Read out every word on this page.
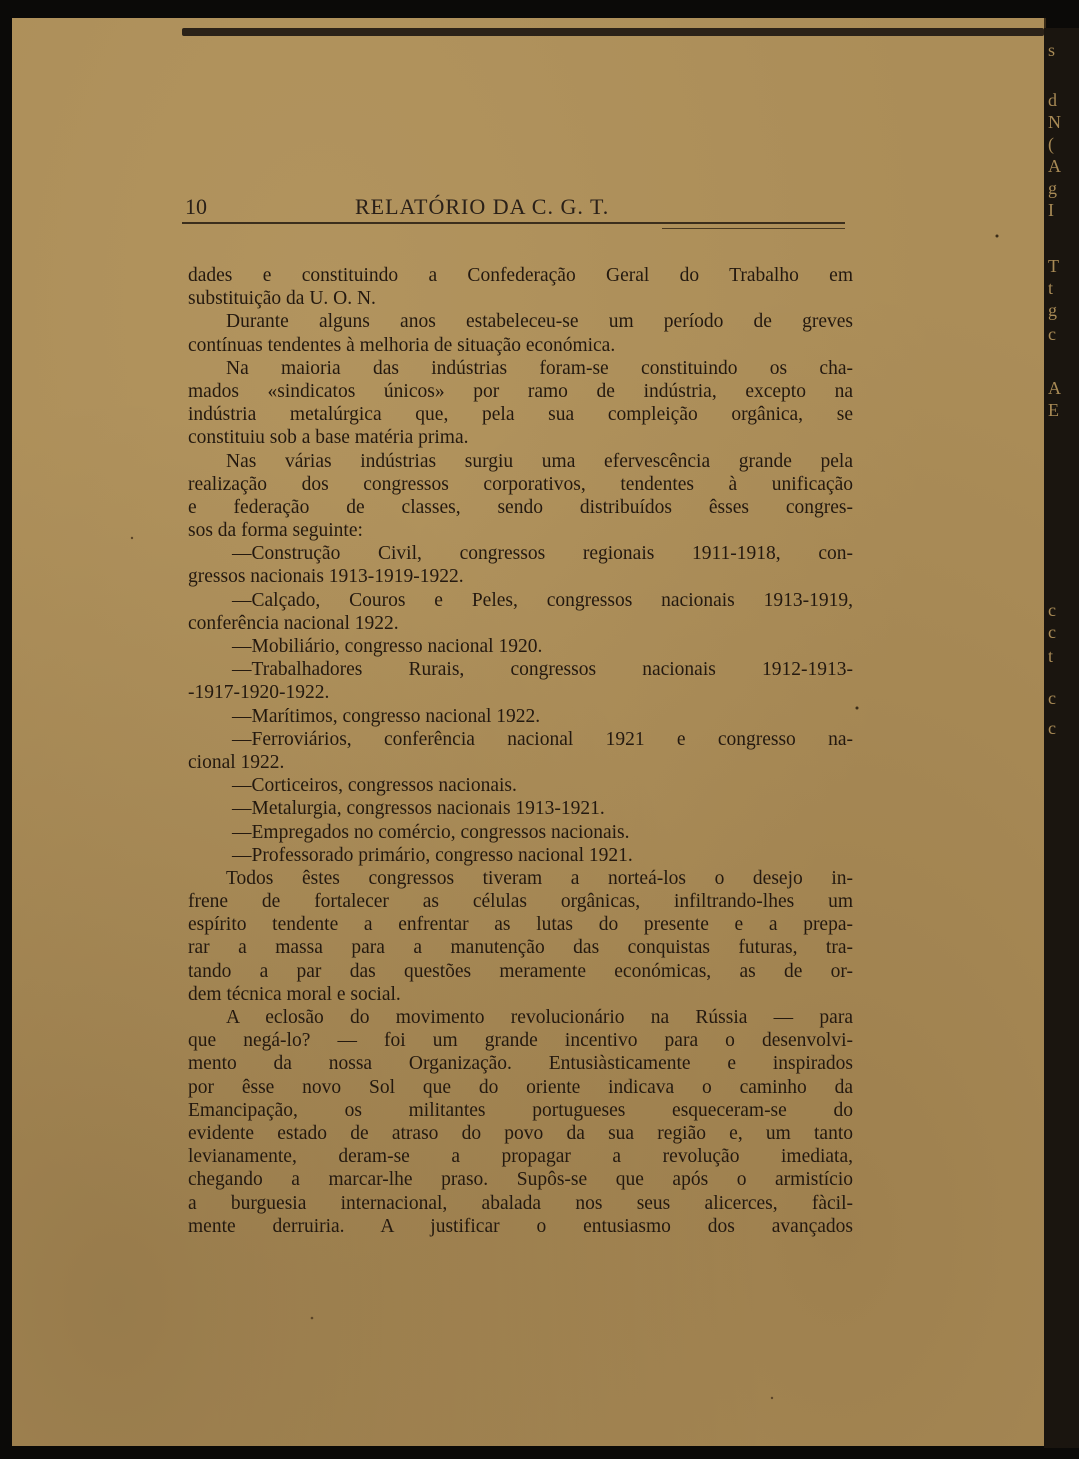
10	RELATÓRIO DA C. G. T.
dades e constituindo a Confederação Geral do Trabalho em
substituição da U. O. N.
Durante alguns anos estabeleceu-se um período de greves
contínuas tendentes à melhoria de situação económica.
Na maioria das indústrias foram-se constituindo os cha-
mados «sindicatos únicos» por ramo de indústria, excepto na
indústria metalúrgica que, pela sua compleição orgânica, se
constituiu sob a base matéria prima.
Nas várias indústrias surgiu uma efervescência grande pela
realização dos congressos corporativos, tendentes à unificação
e federação de classes, sendo distribuídos êsses congres-
sos da forma seguinte:
—Construção Civil, congressos regionais 1911-1918, con-
gressos nacionais 1913-1919-1922.
—Calçado, Couros e Peles, congressos nacionais 1913-1919,
conferência nacional 1922.
—Mobiliário, congresso nacional 1920.
—Trabalhadores Rurais, congressos nacionais 1912-1913-
-1917-1920-1922.
—Marítimos, congresso nacional 1922.
—Ferroviários, conferência nacional 1921 e congresso na-
cional 1922.
—Corticeiros, congressos nacionais.
—Metalurgia, congressos nacionais 1913-1921.
—Empregados no comércio, congressos nacionais.
—Professorado primário, congresso nacional 1921.
Todos êstes congressos tiveram a norteá-los o desejo in-
frene de fortalecer as células orgânicas, infiltrando-lhes um
espírito tendente a enfrentar as lutas do presente e a prepa-
rar a massa para a manutenção das conquistas futuras, tra-
tando a par das questões meramente económicas, as de or-
dem técnica moral e social.
A eclosão do movimento revolucionário na Rússia — para
que negá-lo? — foi um grande incentivo para o desenvolvi-
mento da nossa Organização. Entusiàsticamente e inspirados
por êsse novo Sol que do oriente indicava o caminho da
Emancipação, os militantes portugueses esqueceram-se do
evidente estado de atraso do povo da sua região e, um tanto
levianamente, deram-se a propagar a revolução imediata,
chegando a marcar-lhe praso. Supôs-se que após o armistício
a burguesia internacional, abalada nos seus alicerces, fàcil-
mente derruiria. A justificar o entusiasmo dos avançados
s
d
N
(
A
g
I
T
t
g
c
A
E
c
c
t
c
c
